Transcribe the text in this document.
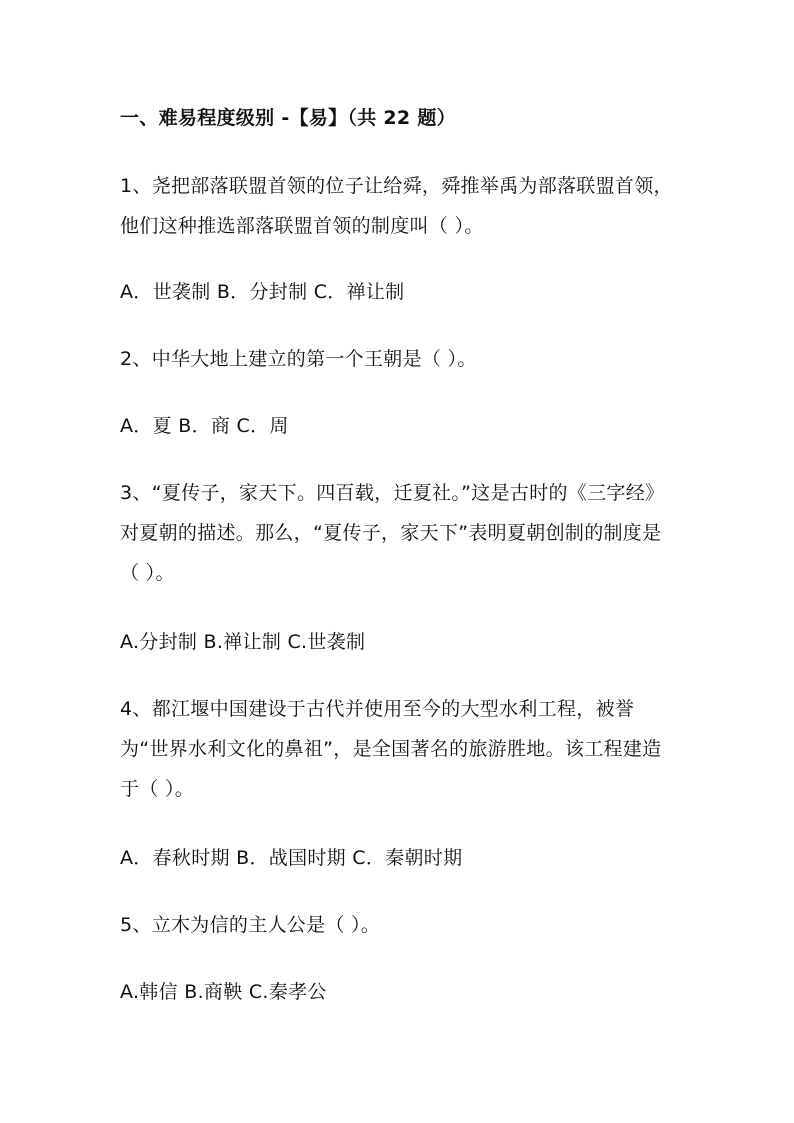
一、难易程度级别 -【易】（共 22 题）

1、尧把部落联盟首领的位子让给舜，舜推举禹为部落联盟首领，他们这种推选部落联盟首领的制度叫（ ）。

A．世袭制 B．分封制 C．禅让制

2、中华大地上建立的第一个王朝是（ ）。

A．夏 B．商 C．周

3、“夏传子，家天下。四百载，迁夏社。”这是古时的《三字经》对夏朝的描述。那么，“夏传子，家天下”表明夏朝创制的制度是（ ）。

A.分封制 B.禅让制 C.世袭制

4、都江堰中国建设于古代并使用至今的大型水利工程，被誉为“世界水利文化的鼻祖”，是全国著名的旅游胜地。该工程建造于（ ）。

A．春秋时期 B．战国时期 C．秦朝时期

5、立木为信的主人公是（ ）。

A.韩信 B.商鞅 C.秦孝公
